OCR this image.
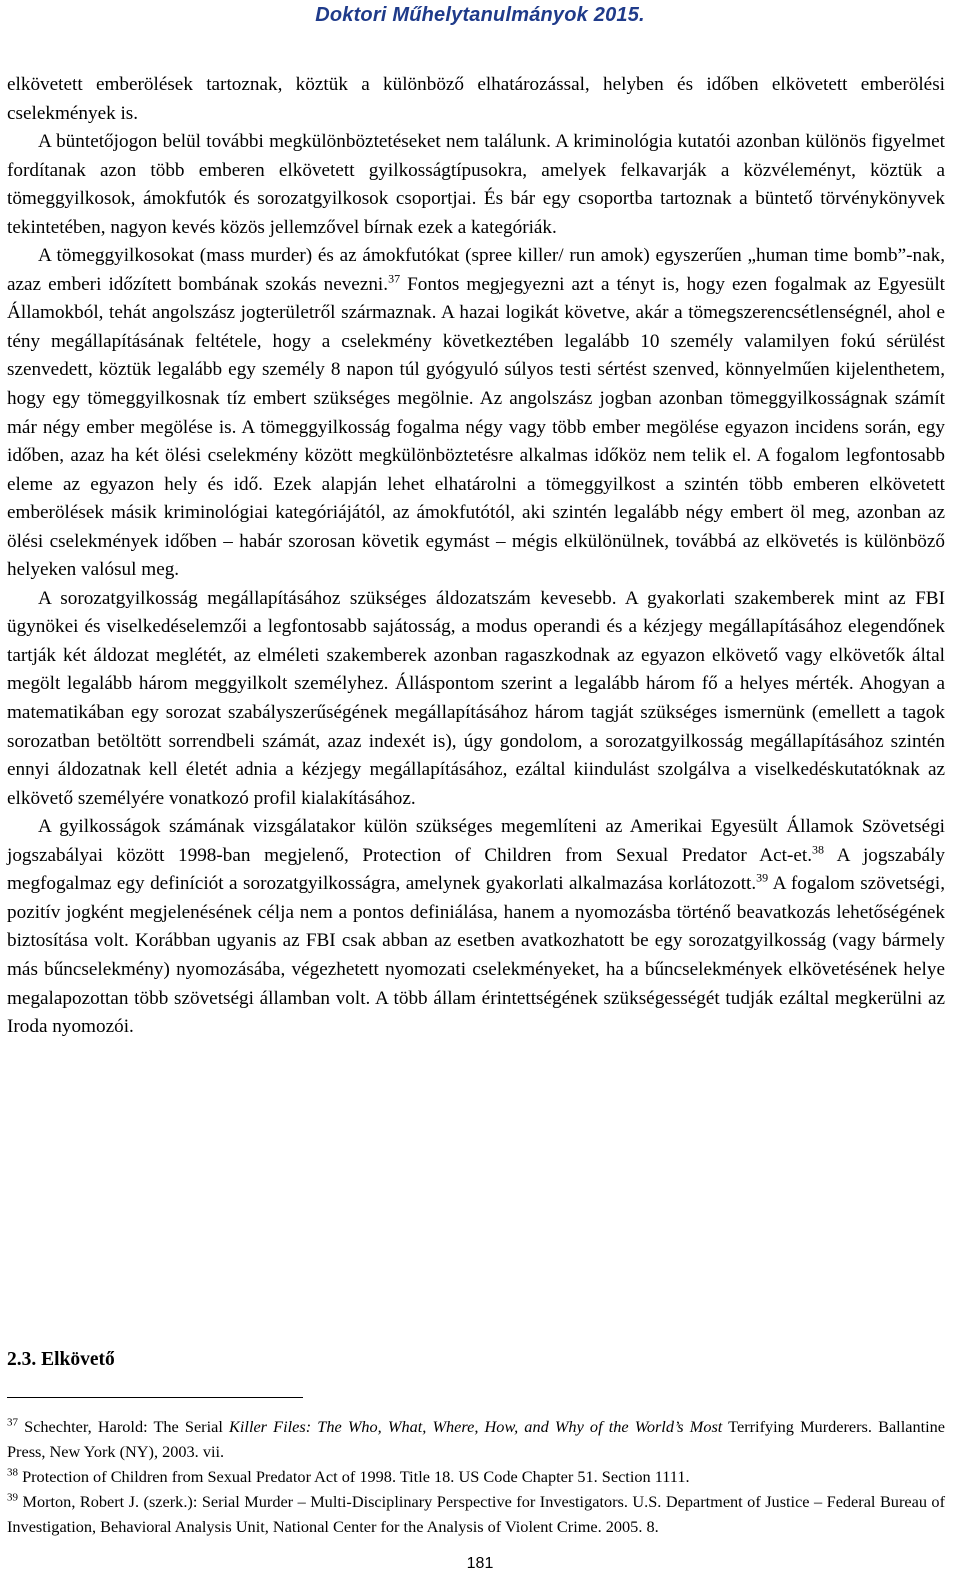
Doktori Műhelytanulmányok 2015.

elkövetett emberölések tartoznak, köztük a különböző elhatározással, helyben és időben elkövetett emberölési cselekmények is.

A büntetőjogon belül további megkülönböztetéseket nem találunk. A kriminológia kutatói azonban különös figyelmet fordítanak azon több emberen elkövetett gyilkosságtípusokra, amelyek felkavarják a közvéleményt, köztük a tömeggyilkosok, ámokfutók és sorozatgyilkosok csoportjai. És bár egy csoportba tartoznak a büntető törvénykönyvek tekintetében, nagyon kevés közös jellemzővel bírnak ezek a kategóriák.

A tömeggyilkosokat (mass murder) és az ámokfutókat (spree killer/ run amok) egyszerűen „human time bomb”-nak, azaz emberi időzített bombának szokás nevezni.$^{37}$ Fontos megjegyezni azt a tényt is, hogy ezen fogalmak az Egyesült Államokból, tehát angolszász jogterületről származnak. A hazai logikát követve, akár a tömegszerencsétlenségnél, ahol e tény megállapításának feltétele, hogy a cselekmény következtében legalább 10 személy valamilyen fokú sérülést szenvedett, köztük legalább egy személy 8 napon túl gyógyuló súlyos testi sértést szenved, könnyelműen kijelenthetem, hogy egy tömeggyilkosnak tíz embert szükséges megölnie. Az angolszász jogban azonban tömeggyilkosságnak számít már négy ember megölése is. A tömeggyilkosság fogalma négy vagy több ember megölése egyazon incidens során, egy időben, azaz ha két ölési cselekmény között megkülönböztetésre alkalmas időköz nem telik el. A fogalom legfontosabb eleme az egyazon hely és idő. Ezek alapján lehet elhatárolni a tömeggyilkost a szintén több emberen elkövetett emberölések másik kriminológiai kategóriájától, az ámokfutótól, aki szintén legalább négy embert öl meg, azonban az ölési cselekmények időben – habár szorosan követik egymást – mégis elkülönülnek, továbbá az elkövetés is különböző helyeken valósul meg.

A sorozatgyilkosság megállapításához szükséges áldozatszám kevesebb. A gyakorlati szakemberek mint az FBI ügynökei és viselkedéselemzői a legfontosabb sajátosság, a modus operandi és a kézjegy megállapításához elegendőnek tartják két áldozat meglétét, az elméleti szakemberek azonban ragaszkodnak az egyazon elkövető vagy elkövetők által megölt legalább három meggyilkolt személyhez. Álláspontom szerint a legalább három fő a helyes mérték. Ahogyan a matematikában egy sorozat szabályszerűségének megállapításához három tagját szükséges ismernünk (emellett a tagok sorozatban betöltött sorrendbeli számát, azaz indexét is), úgy gondolom, a sorozatgyilkosság megállapításához szintén ennyi áldozatnak kell életét adnia a kézjegy megállapításához, ezáltal kiindulást szolgálva a viselkedéskutatóknak az elkövető személyére vonatkozó profil kialakításához.

A gyilkosságok számának vizsgálatakor külön szükséges megemlíteni az Amerikai Egyesült Államok Szövetségi jogszabályai között 1998-ban megjelenő, Protection of Children from Sexual Predator Act-et.$^{38}$ A jogszabály megfogalmaz egy definíciót a sorozatgyilkosságra, amelynek gyakorlati alkalmazása korlátozott.$^{39}$ A fogalom szövetségi, pozitív jogként megjelenésének célja nem a pontos definiálása, hanem a nyomozásba történő beavatkozás lehetőségének biztosítása volt. Korábban ugyanis az FBI csak abban az esetben avatkozhatott be egy sorozatgyilkosság (vagy bármely más bűncselekmény) nyomozásába, végezhetett nyomozati cselekményeket, ha a bűncselekmények elkövetésének helye megalapozottan több szövetségi államban volt. A több állam érintettségének szükségességét tudják ezáltal megkerülni az Iroda nyomozói.

2.3. Elkövető

$^{37}$ Schechter, Harold: The Serial Killer Files: The Who, What, Where, How, and Why of the World’s Most Terrifying Murderers. Ballantine Press, New York (NY), 2003. vii.

$^{38}$ Protection of Children from Sexual Predator Act of 1998. Title 18. US Code Chapter 51. Section 1111.

$^{39}$ Morton, Robert J. (szerk.): Serial Murder – Multi-Disciplinary Perspective for Investigators. U.S. Department of Justice – Federal Bureau of Investigation, Behavioral Analysis Unit, National Center for the Analysis of Violent Crime. 2005. 8.

181
